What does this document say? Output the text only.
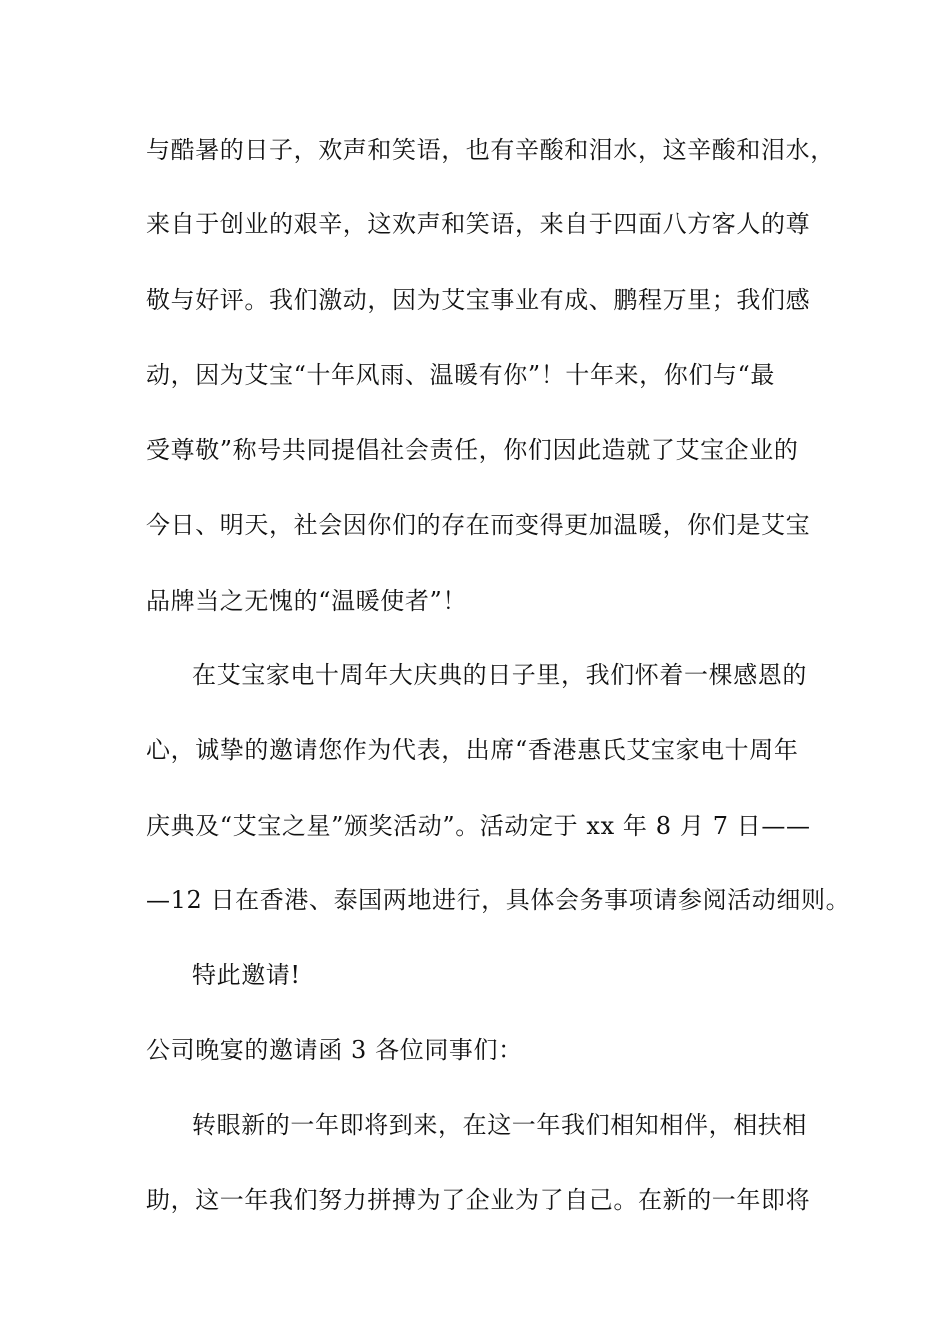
与酷暑的日子，欢声和笑语，也有辛酸和泪水，这辛酸和泪水，
来自于创业的艰辛，这欢声和笑语，来自于四面八方客人的尊
敬与好评。我们激动，因为艾宝事业有成、鹏程万里；我们感
动，因为艾宝“十年风雨、温暖有你”！十年来，你们与“最
受尊敬”称号共同提倡社会责任，你们因此造就了艾宝企业的
今日、明天，社会因你们的存在而变得更加温暖，你们是艾宝
品牌当之无愧的“温暖使者”！
在艾宝家电十周年大庆典的日子里，我们怀着一棵感恩的
心，诚挚的邀请您作为代表，出席“香港惠氏艾宝家电十周年
庆典及“艾宝之星”颁奖活动”。活动定于 xx 年 8 月 7 日——
—12 日在香港、泰国两地进行，具体会务事项请参阅活动细则。
特此邀请!
公司晚宴的邀请函 3 各位同事们：
转眼新的一年即将到来，在这一年我们相知相伴，相扶相
助，这一年我们努力拼搏为了企业为了自己。在新的一年即将
